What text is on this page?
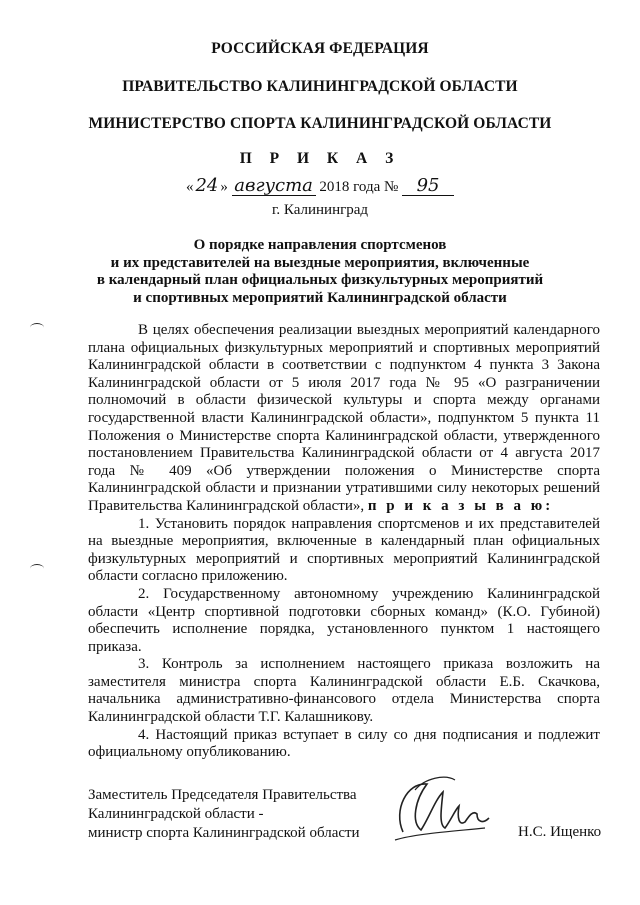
РОССИЙСКАЯ ФЕДЕРАЦИЯ
ПРАВИТЕЛЬСТВО КАЛИНИНГРАДСКОЙ ОБЛАСТИ
МИНИСТЕРСТВО СПОРТА КАЛИНИНГРАДСКОЙ ОБЛАСТИ
П Р И К А З
« 24 » августа 2018 года № 95
г. Калининград
О порядке направления спортсменов
и их представителей на выездные мероприятия, включенные
в календарный план официальных физкультурных мероприятий
и спортивных мероприятий Калининградской области

В целях обеспечения реализации выездных мероприятий календарного плана официальных физкультурных мероприятий и спортивных мероприятий Калининградской области в соответствии с подпунктом 4 пункта 3 Закона Калининградской области от 5 июля 2017 года № 95 «О разграничении полномочий в области физической культуры и спорта между органами государственной власти Калининградской области», подпунктом 5 пункта 11 Положения о Министерстве спорта Калининградской области, утвержденного постановлением Правительства Калининградской области от 4 августа 2017 года № 409 «Об утверждении положения о Министерстве спорта Калининградской области и признании утратившими силу некоторых решений Правительства Калининградской области», п р и к а з ы в а ю:

1. Установить порядок направления спортсменов и их представителей на выездные мероприятия, включенные в календарный план официальных физкультурных мероприятий и спортивных мероприятий Калининградской области согласно приложению.

2. Государственному автономному учреждению Калининградской области «Центр спортивной подготовки сборных команд» (К.О. Губиной) обеспечить исполнение порядка, установленного пунктом 1 настоящего приказа.

3. Контроль за исполнением настоящего приказа возложить на заместителя министра спорта Калининградской области Е.Б. Скачкова, начальника административно-финансового отдела Министерства спорта Калининградской области Т.Г. Калашникову.

4. Настоящий приказ вступает в силу со дня подписания и подлежит официальному опубликованию.

Заместитель Председателя Правительства
Калининградской области -
министр спорта Калининградской области	Н.С. Ищенко
